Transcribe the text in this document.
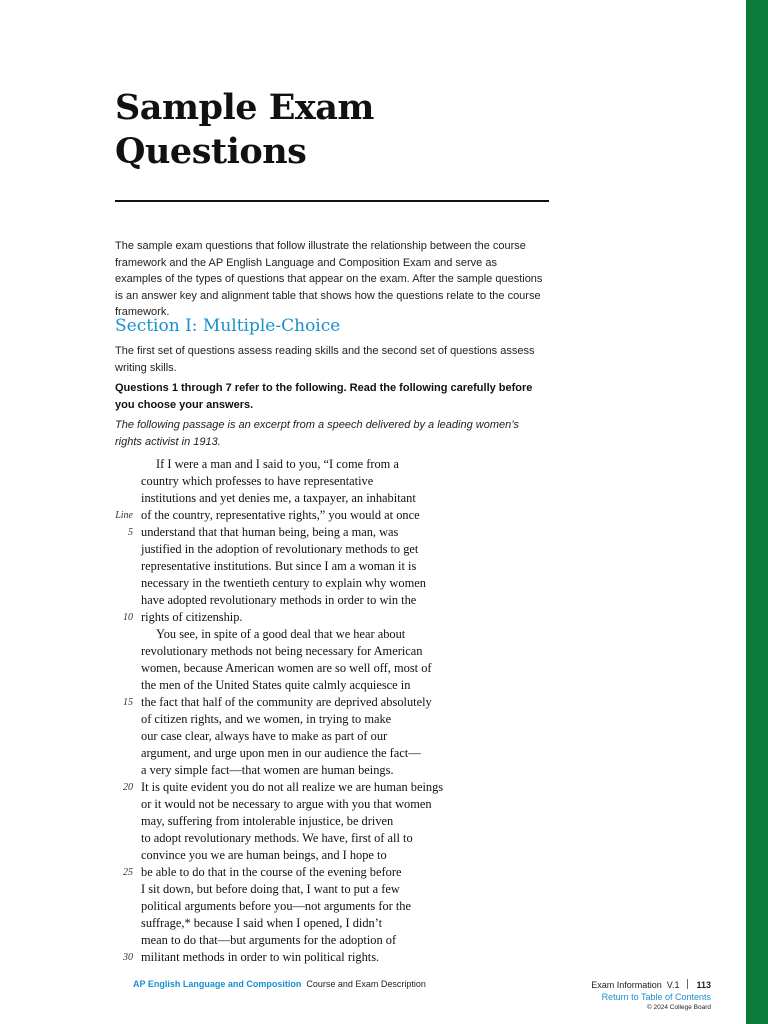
Sample Exam
Questions

The sample exam questions that follow illustrate the relationship between the course framework and the AP English Language and Composition Exam and serve as examples of the types of questions that appear on the exam. After the sample questions is an answer key and alignment table that shows how the questions relate to the course framework.

Section I: Multiple-Choice

The first set of questions assess reading skills and the second set of questions assess writing skills.

Questions 1 through 7 refer to the following. Read the following carefully before you choose your answers.

The following passage is an excerpt from a speech delivered by a leading women’s rights activist in 1913.

If I were a man and I said to you, “I come from a
country which professes to have representative
institutions and yet denies me, a taxpayer, an inhabitant
Line of the country, representative rights,” you would at once
5 understand that that human being, being a man, was
justified in the adoption of revolutionary methods to get
representative institutions. But since I am a woman it is
necessary in the twentieth century to explain why women
have adopted revolutionary methods in order to win the
10 rights of citizenship.
You see, in spite of a good deal that we hear about
revolutionary methods not being necessary for American
women, because American women are so well off, most of
the men of the United States quite calmly acquiesce in
15 the fact that half of the community are deprived absolutely
of citizen rights, and we women, in trying to make
our case clear, always have to make as part of our
argument, and urge upon men in our audience the fact—
a very simple fact—that women are human beings.
20 It is quite evident you do not all realize we are human beings
or it would not be necessary to argue with you that women
may, suffering from intolerable injustice, be driven
to adopt revolutionary methods. We have, first of all to
convince you we are human beings, and I hope to
25 be able to do that in the course of the evening before
I sit down, but before doing that, I want to put a few
political arguments before you—not arguments for the
suffrage,* because I said when I opened, I didn’t
mean to do that—but arguments for the adoption of
30 militant methods in order to win political rights.
AP English Language and Composition Course and Exam Description	Exam Information  V.1 113
Return to Table of Contents
© 2024 College Board
